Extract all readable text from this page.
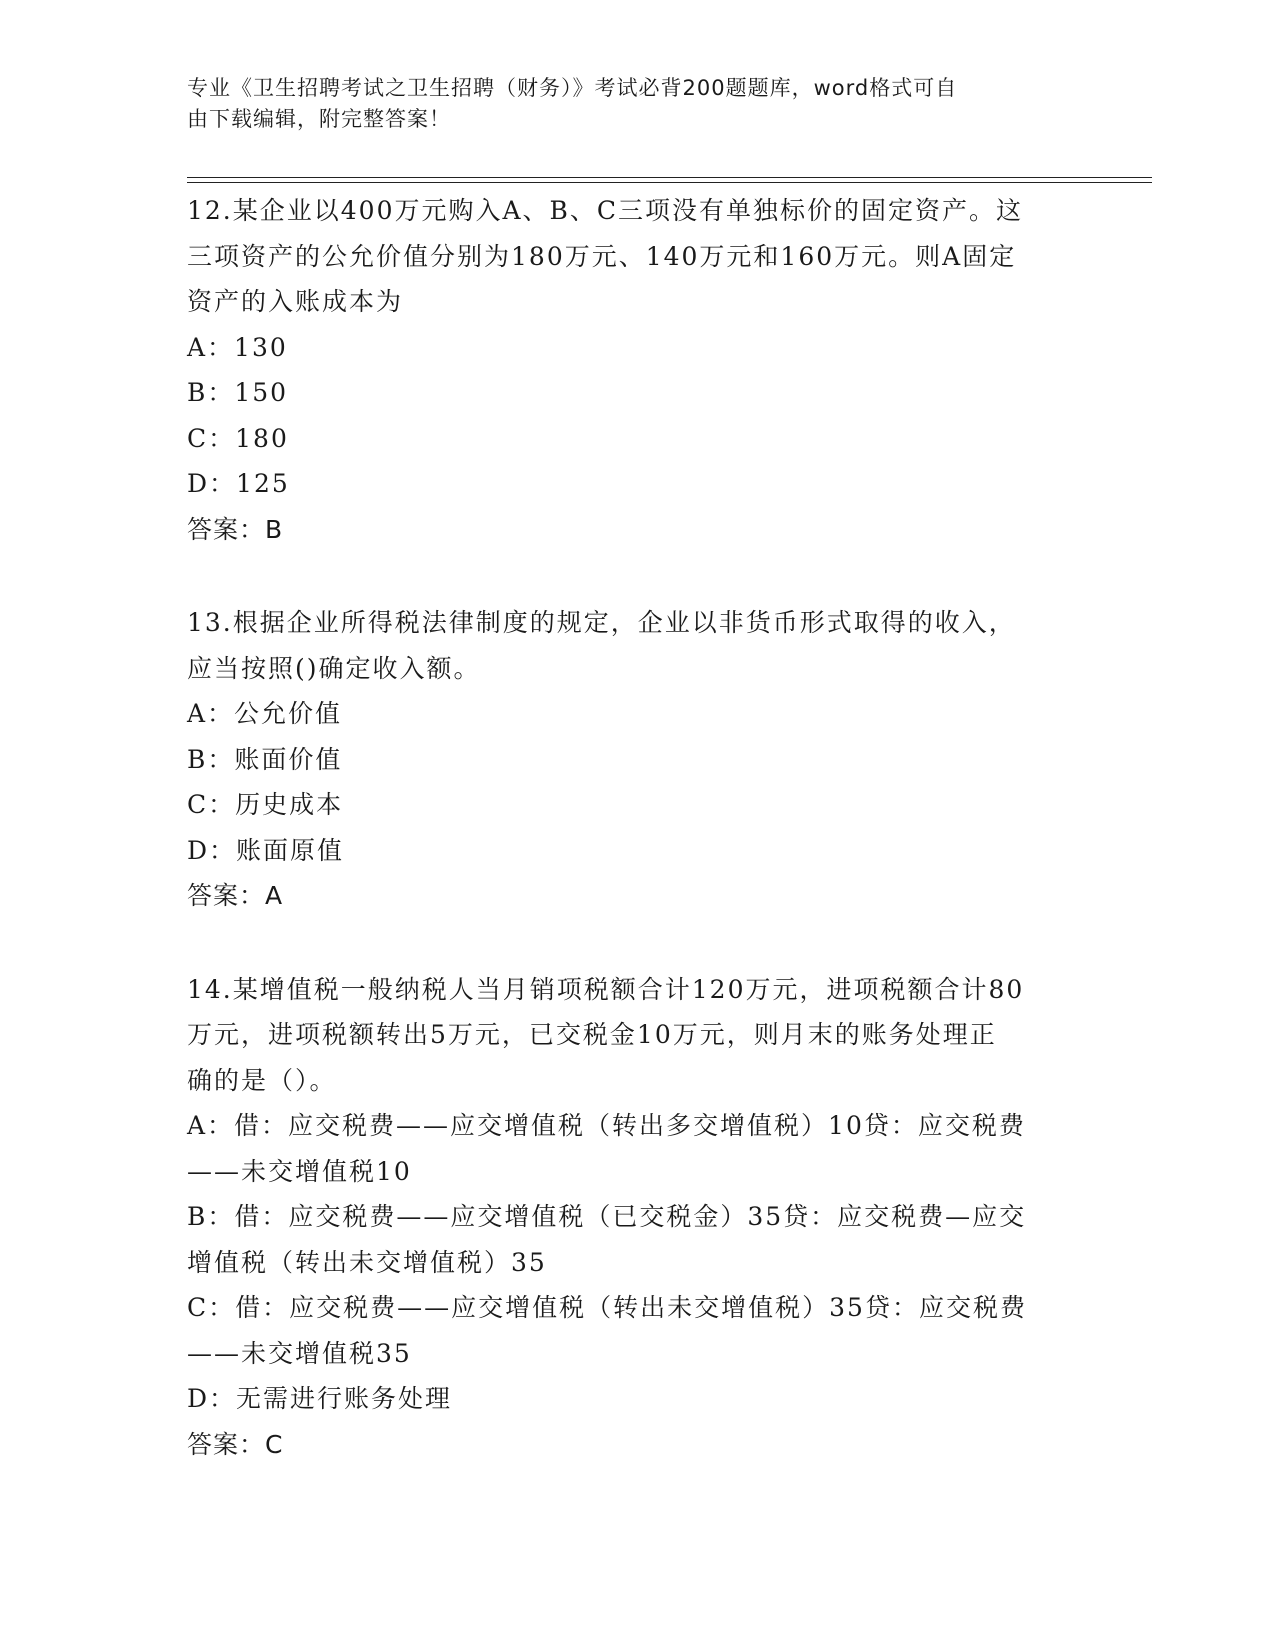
专业《卫生招聘考试之卫生招聘（财务）》考试必背200题题库，word格式可自
由下载编辑，附完整答案！

12.某企业以400万元购入A、B、C三项没有单独标价的固定资产。这

三项资产的公允价值分别为180万元、140万元和160万元。则A固定

资产的入账成本为

A：130

B：150

C：180

D：125

答案：B

13.根据企业所得税法律制度的规定，企业以非货币形式取得的收入，

应当按照()确定收入额。

A：公允价值

B：账面价值

C：历史成本

D：账面原值

答案：A

14.某增值税一般纳税人当月销项税额合计120万元，进项税额合计80

万元，进项税额转出5万元，已交税金10万元，则月末的账务处理正

确的是（）。

A：借：应交税费——应交增值税（转出多交增值税）10贷：应交税费

——未交增值税10

B：借：应交税费——应交增值税（已交税金）35贷：应交税费—应交

增值税（转出未交增值税）35

C：借：应交税费——应交增值税（转出未交增值税）35贷：应交税费

——未交增值税35

D：无需进行账务处理

答案：C
